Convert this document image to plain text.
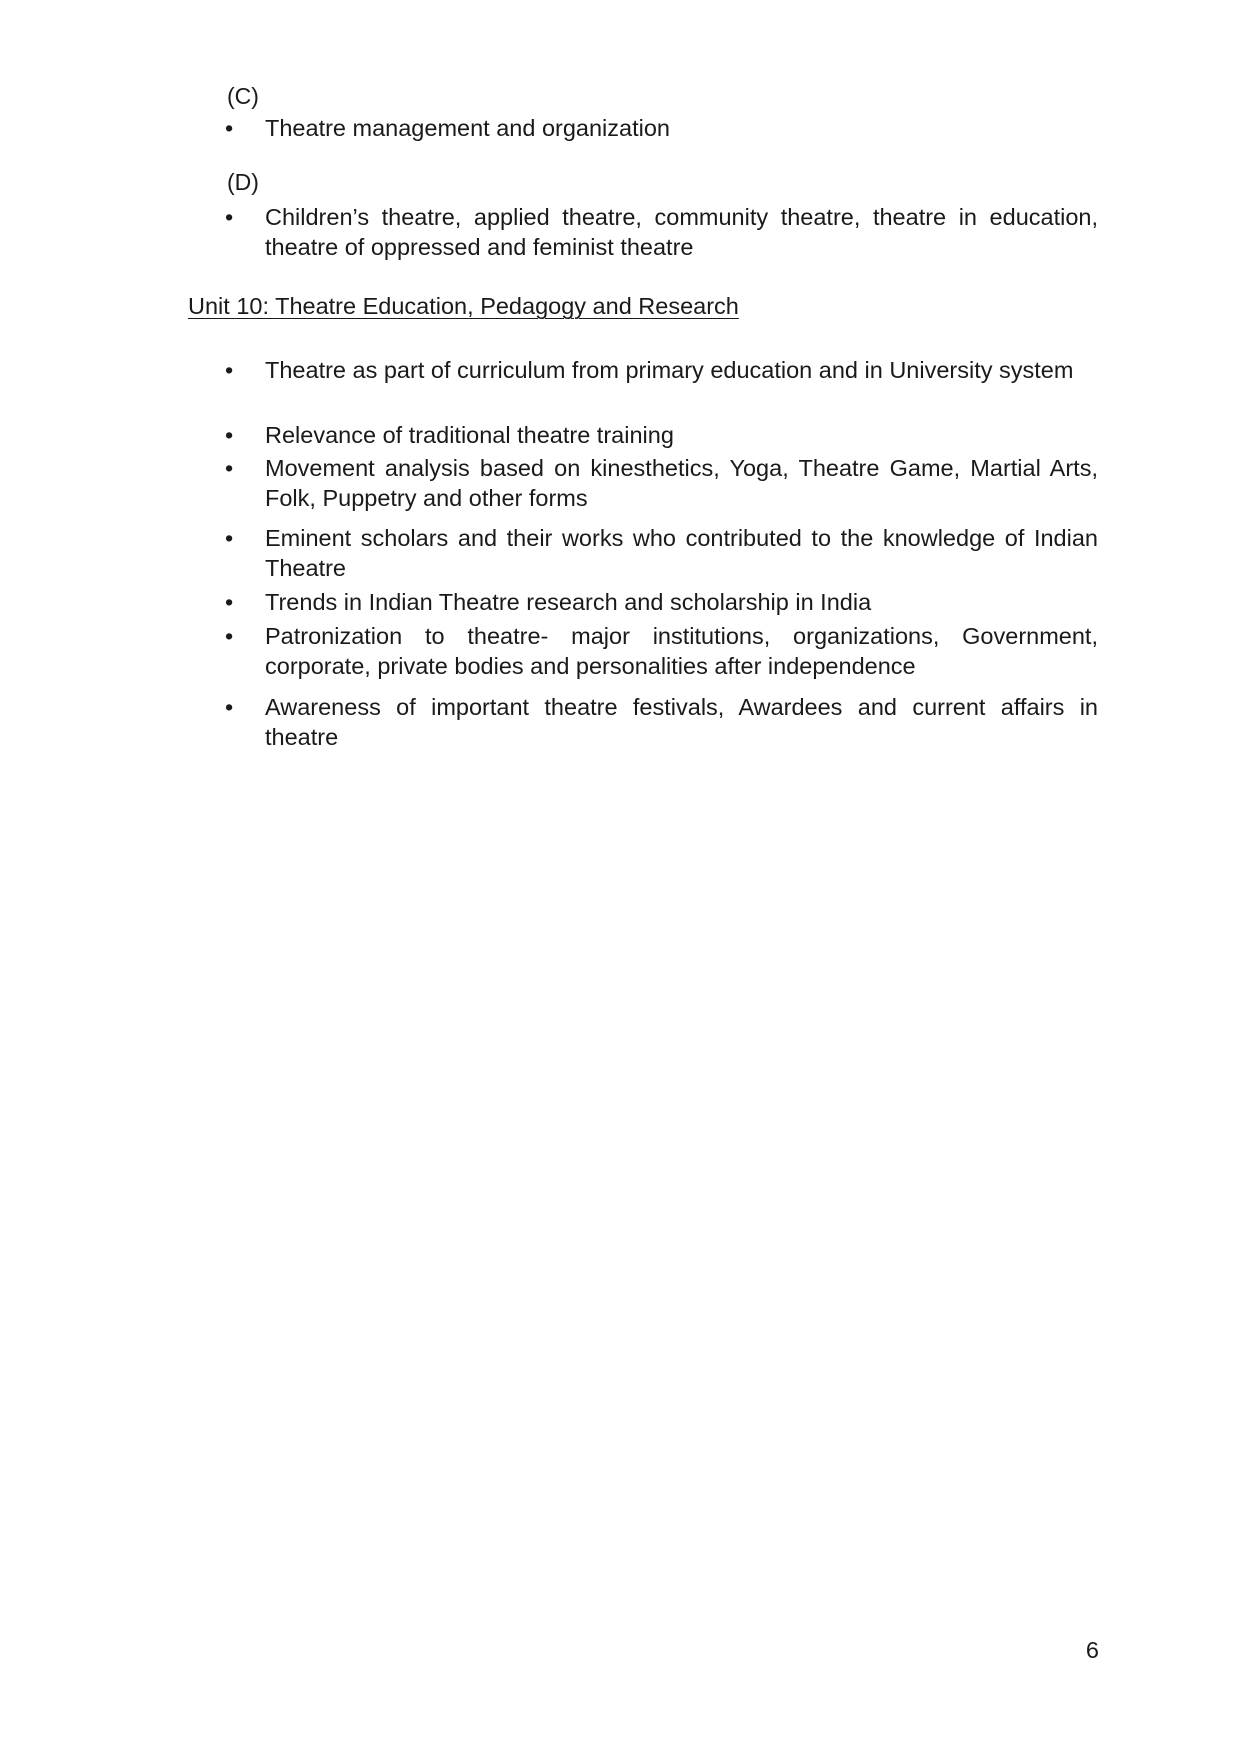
(C)
• Theatre management and organization
(D)
• Children’s theatre, applied theatre, community theatre, theatre in education, theatre of oppressed and feminist theatre
Unit 10: Theatre Education, Pedagogy and Research
• Theatre as part of curriculum from primary education and in University system
• Relevance of traditional theatre training
• Movement analysis based on kinesthetics, Yoga, Theatre Game, Martial Arts, Folk, Puppetry and other forms
• Eminent scholars and their works who contributed to the knowledge of Indian Theatre
• Trends in Indian Theatre research and scholarship in India
• Patronization to theatre- major institutions, organizations, Government, corporate, private bodies and personalities after independence
• Awareness of important theatre festivals, Awardees and current affairs in theatre
6
